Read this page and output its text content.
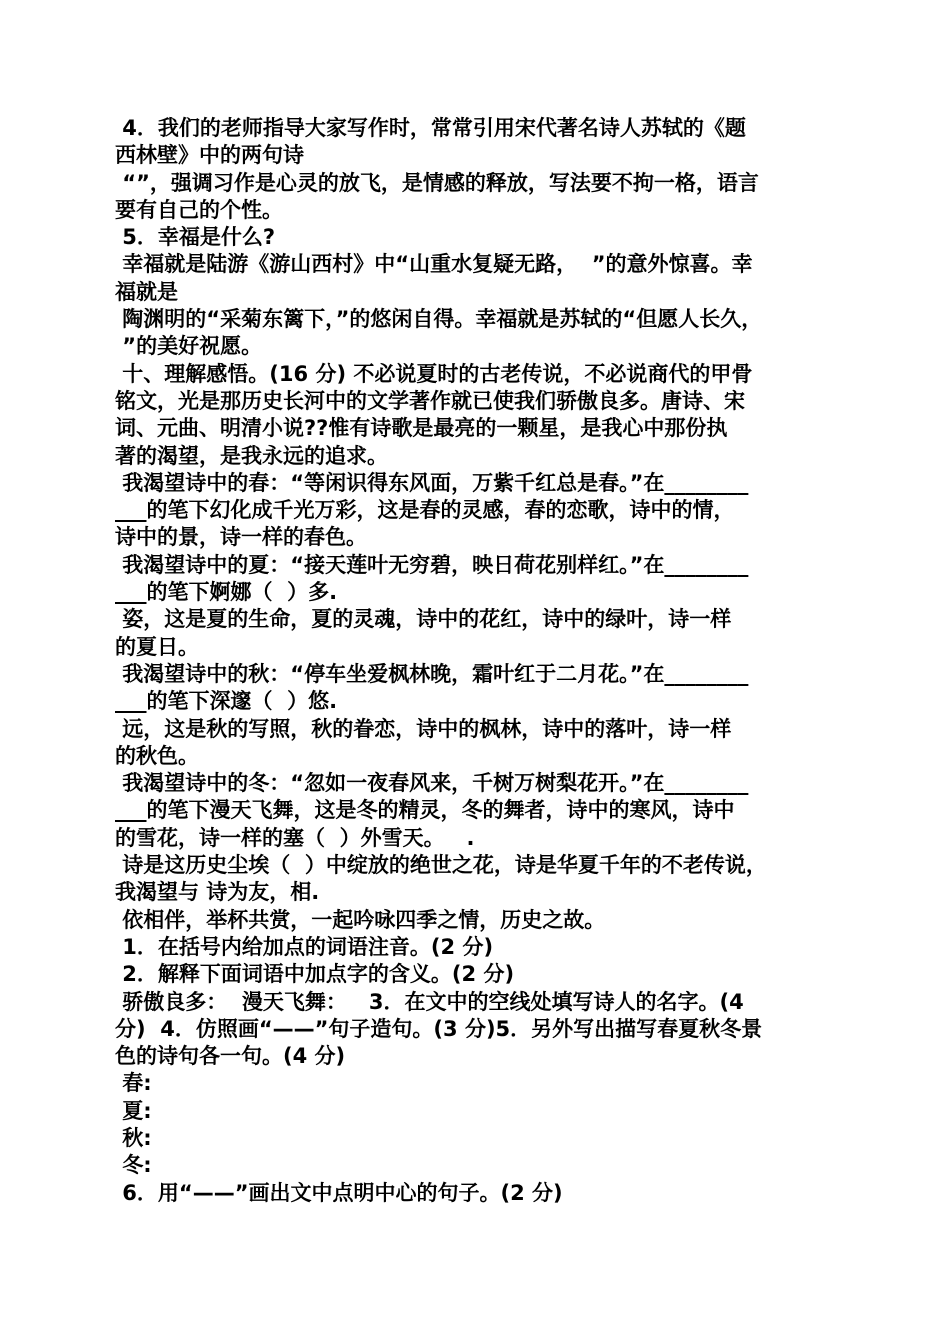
4．我们的老师指导大家写作时，常常引用宋代著名诗人苏轼的《题
西林壁》中的两句诗
“”，强调习作是心灵的放飞，是情感的释放，写法要不拘一格，语言
要有自己的个性。
5．幸福是什么?
幸福就是陆游《游山西村》中“山重水复疑无路，  ”的意外惊喜。幸
福就是
陶渊明的“采菊东篱下，”的悠闲自得。幸福就是苏轼的“但愿人长久，
”的美好祝愿。
十、理解感悟。(16 分) 不必说夏时的古老传说，不必说商代的甲骨
铭文，光是那历史长河中的文学著作就已使我们骄傲良多。唐诗、宋
词、元曲、明清小说??惟有诗歌是最亮的一颗星，是我心中那份执
著的渴望，是我永远的追求。
我渴望诗中的春：“等闲识得东风面，万紫千红总是春。”在________
___的笔下幻化成千光万彩，这是春的灵感，春的恋歌，诗中的情，
诗中的景，诗一样的春色。
我渴望诗中的夏：“接天莲叶无穷碧，映日荷花别样红。”在________
___的笔下婀娜（  ）多.
姿，这是夏的生命，夏的灵魂，诗中的花红，诗中的绿叶，诗一样
的夏日。
我渴望诗中的秋：“停车坐爱枫林晚，霜叶红于二月花。”在________
___的笔下深邃（  ）悠.
远，这是秋的写照，秋的眷恋，诗中的枫林，诗中的落叶，诗一样
的秋色。
我渴望诗中的冬：“忽如一夜春风来，千树万树梨花开。”在________
___的笔下漫天飞舞，这是冬的精灵，冬的舞者，诗中的寒风，诗中
的雪花，诗一样的塞（  ）外雪天。   .
诗是这历史尘埃（  ）中绽放的绝世之花，诗是华夏千年的不老传说，
我渴望与 诗为友，相.
依相伴，举杯共赏，一起吟咏四季之情，历史之故。
1．在括号内给加点的词语注音。(2 分)
2．解释下面词语中加点字的含义。(2 分)
骄傲良多：  漫天飞舞：   3．在文中的空线处填写诗人的名字。(4
分)  4．仿照画“——”句子造句。(3 分)5．另外写出描写春夏秋冬景
色的诗句各一句。(4 分)
春:
夏:
秋:
冬:
6．用“——”画出文中点明中心的句子。(2 分)
